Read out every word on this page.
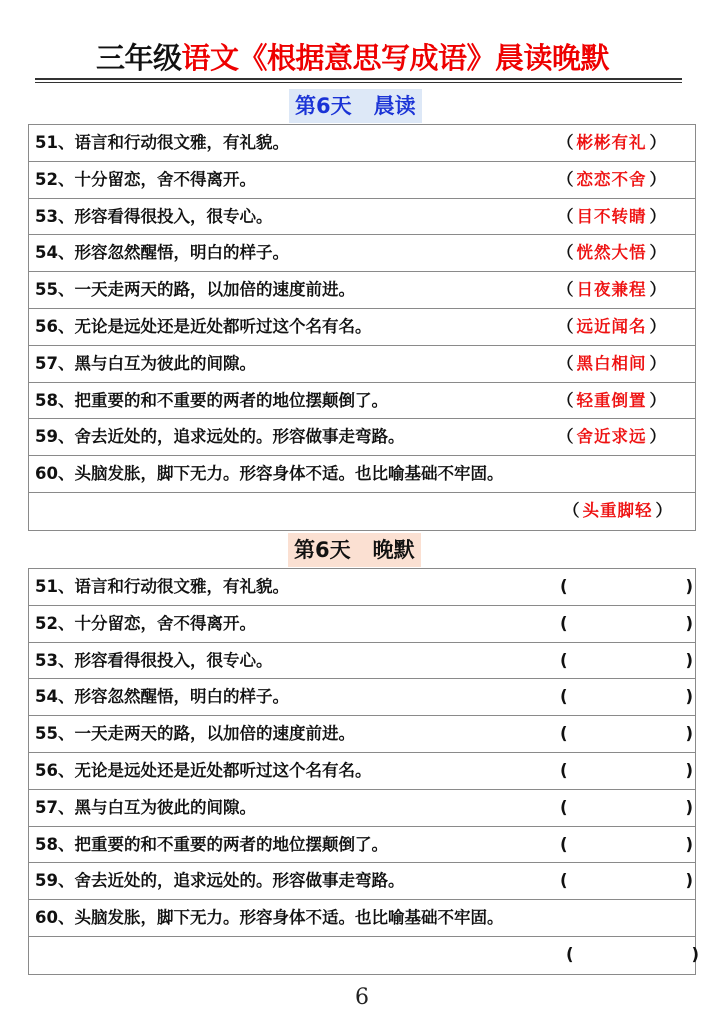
三年级语文《根据意思写成语》晨读晚默
第6天 晨读
51、语言和行动很文雅，有礼貌。	（ 彬彬有礼 ）
52、十分留恋，舍不得离开。	（ 恋恋不舍 ）
53、形容看得很投入，很专心。	（ 目不转睛 ）
54、形容忽然醒悟，明白的样子。	（ 恍然大悟 ）
55、一天走两天的路，以加倍的速度前进。	（ 日夜兼程 ）
56、无论是远处还是近处都听过这个名有名。	（ 远近闻名 ）
57、黑与白互为彼此的间隙。	（ 黑白相间 ）
58、把重要的和不重要的两者的地位摆颠倒了。	（ 轻重倒置 ）
59、舍去近处的，追求远处的。形容做事走弯路。	（ 舍近求远 ）
60、头脑发胀，脚下无力。形容身体不适。也比喻基础不牢固。
（ 头重脚轻 ）
第6天 晚默
51、语言和行动很文雅，有礼貌。	(	)
52、十分留恋，舍不得离开。	(	)
53、形容看得很投入，很专心。	(	)
54、形容忽然醒悟，明白的样子。	(	)
55、一天走两天的路，以加倍的速度前进。	(	)
56、无论是远处还是近处都听过这个名有名。	(	)
57、黑与白互为彼此的间隙。	(	)
58、把重要的和不重要的两者的地位摆颠倒了。	(	)
59、舍去近处的，追求远处的。形容做事走弯路。	(	)
60、头脑发胀，脚下无力。形容身体不适。也比喻基础不牢固。
(	)
6
